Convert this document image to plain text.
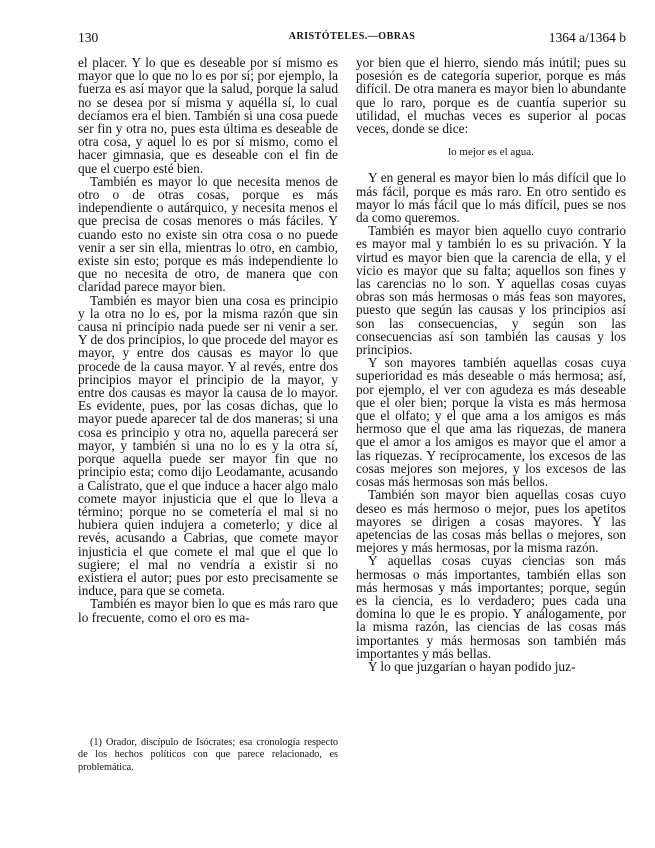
130	ARISTÓTELES.—OBRAS	1364 a/1364 b

el placer. Y lo que es deseable por sí mismo es mayor que lo que no lo es por sí; por ejemplo, la fuerza es así mayor que la salud, porque la salud no se desea por sí misma y aquélla sí, lo cual decíamos era el bien. También si una cosa puede ser fin y otra no, pues esta última es deseable de otra cosa, y aquel lo es por sí mismo, como el hacer gimnasia, que es deseable con el fin de que el cuerpo esté bien.

También es mayor lo que necesita menos de otro o de otras cosas, porque es más independiente o autárquico, y necesita menos el que precisa de cosas menores o más fáciles. Y cuando esto no existe sin otra cosa o no puede venir a ser sin ella, mientras lo otro, en cambio, existe sin esto; porque es más independiente lo que no necesita de otro, de manera que con claridad parece mayor bien.

También es mayor bien una cosa es principio y la otra no lo es, por la misma razón que sin causa ni principio nada puede ser ni venir a ser. Y de dos principios, lo que procede del mayor es mayor, y entre dos causas es mayor lo que procede de la causa mayor. Y al revés, entre dos principios mayor el principio de la mayor, y entre dos causas es mayor la causa de lo mayor. Es evidente, pues, por las cosas dichas, que lo mayor puede aparecer tal de dos maneras; si una cosa es principio y otra no, aquella parecerá ser mayor, y también si una no lo es y la otra sí, porque aquella puede ser mayor fin que no principio esta; como dijo Leodamante, acusando a Calístrato, que el que induce a hacer algo malo comete mayor injusticia que el que lo lleva a término; porque no se cometería el mal si no hubiera quien indujera a cometerlo; y dice al revés, acusando a Cabrias, que comete mayor injusticia el que comete el mal que el que lo sugiere; el mal no vendría a existir si no existiera el autor; pues por esto precisamente se induce, para que se cometa.

También es mayor bien lo que es más raro que lo frecuente, como el oro es ma-

(1) Orador, discípulo de Isócrates; esa cronología respecto de los hechos políticos con que parece relacionado, es problemática.

yor bien que el hierro, siendo más inútil; pues su posesión es de categoría superior, porque es más difícil. De otra manera es mayor bien lo abundante que lo raro, porque es de cuantía superior su utilidad, el muchas veces es superior al pocas veces, donde se dice:

lo mejor es el agua.

Y en general es mayor bien lo más difícil que lo más fácil, porque es más raro. En otro sentido es mayor lo más fácil que lo más difícil, pues se nos da como queremos.

También es mayor bien aquello cuyo contrario es mayor mal y también lo es su privación. Y la virtud es mayor bien que la carencia de ella, y el vicio es mayor que su falta; aquellos son fines y las carencias no lo son. Y aquellas cosas cuyas obras son más hermosas o más feas son mayores, puesto que según las causas y los principios así son las consecuencias, y según son las consecuencias así son también las causas y los principios.

Y son mayores también aquellas cosas cuya superioridad es más deseable o más hermosa; así, por ejemplo, el ver con agudeza es más deseable que el oler bien; porque la vista es más hermosa que el olfato; y el que ama a los amigos es más hermoso que el que ama las riquezas, de manera que el amor a los amigos es mayor que el amor a las riquezas. Y recíprocamente, los excesos de las cosas mejores son mejores, y los excesos de las cosas más hermosas son más bellos.

También son mayor bien aquellas cosas cuyo deseo es más hermoso o mejor, pues los apetitos mayores se dirigen a cosas mayores. Y las apetencias de las cosas más bellas o mejores, son mejores y más hermosas, por la misma razón.

Y aquellas cosas cuyas ciencias son más hermosas o más importantes, también ellas son más hermosas y más importantes; porque, según es la ciencia, es lo verdadero; pues cada una domina lo que le es propio. Y análogamente, por la misma razón, las ciencias de las cosas más importantes y más hermosas son también más importantes y más bellas.

Y lo que juzgarían o hayan podido juz-
